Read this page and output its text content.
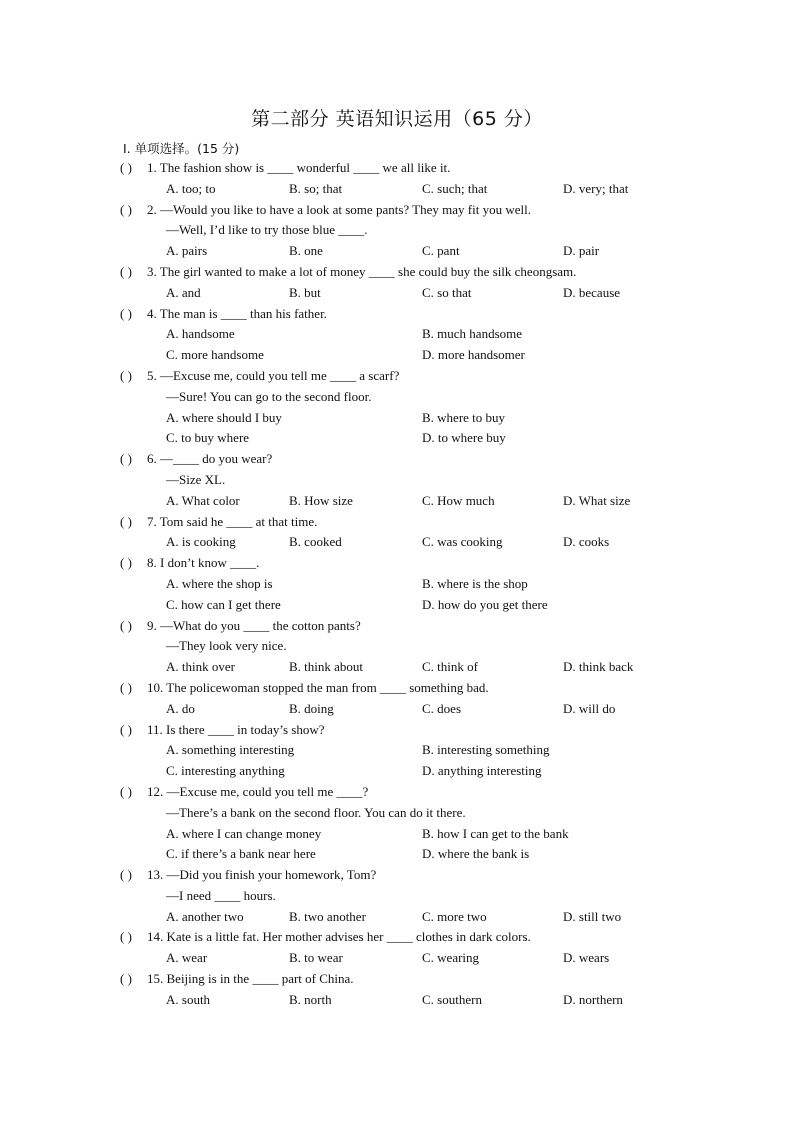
第二部分 英语知识运用（65 分）
Ⅰ. 单项选择。(15 分)
( ) 1. The fashion show is ____ wonderful ____ we all like it.
A. too; to	B. so; that	C. such; that	D. very; that
( ) 2. —Would you like to have a look at some pants? They may fit you well.
—Well, I’d like to try those blue ____.
A. pairs	B. one	C. pant	D. pair
( ) 3. The girl wanted to make a lot of money ____ she could buy the silk cheongsam.
A. and	B. but	C. so that	D. because
( ) 4. The man is ____ than his father.
A. handsome	B. much handsome
C. more handsome	D. more handsomer
( ) 5. —Excuse me, could you tell me ____ a scarf?
—Sure! You can go to the second floor.
A. where should I buy	B. where to buy
C. to buy where	D. to where buy
( ) 6. —____ do you wear?
—Size XL.
A. What color	B. How size	C. How much	D. What size
( ) 7. Tom said he ____ at that time.
A. is cooking	B. cooked	C. was cooking	D. cooks
( ) 8. I don’t know ____.
A. where the shop is	B. where is the shop
C. how can I get there	D. how do you get there
( ) 9. —What do you ____ the cotton pants?
—They look very nice.
A. think over	B. think about	C. think of	D. think back
( ) 10. The policewoman stopped the man from ____ something bad.
A. do	B. doing	C. does	D. will do
( ) 11. Is there ____ in today’s show?
A. something interesting	B. interesting something
C. interesting anything	D. anything interesting
( ) 12. —Excuse me, could you tell me ____?
—There’s a bank on the second floor. You can do it there.
A. where I can change money	B. how I can get to the bank
C. if there’s a bank near here	D. where the bank is
( ) 13. —Did you finish your homework, Tom?
—I need ____ hours.
A. another two	B. two another	C. more two	D. still two
( ) 14. Kate is a little fat. Her mother advises her ____ clothes in dark colors.
A. wear	B. to wear	C. wearing	D. wears
( ) 15. Beijing is in the ____ part of China.
A. south	B. north	C. southern	D. northern
